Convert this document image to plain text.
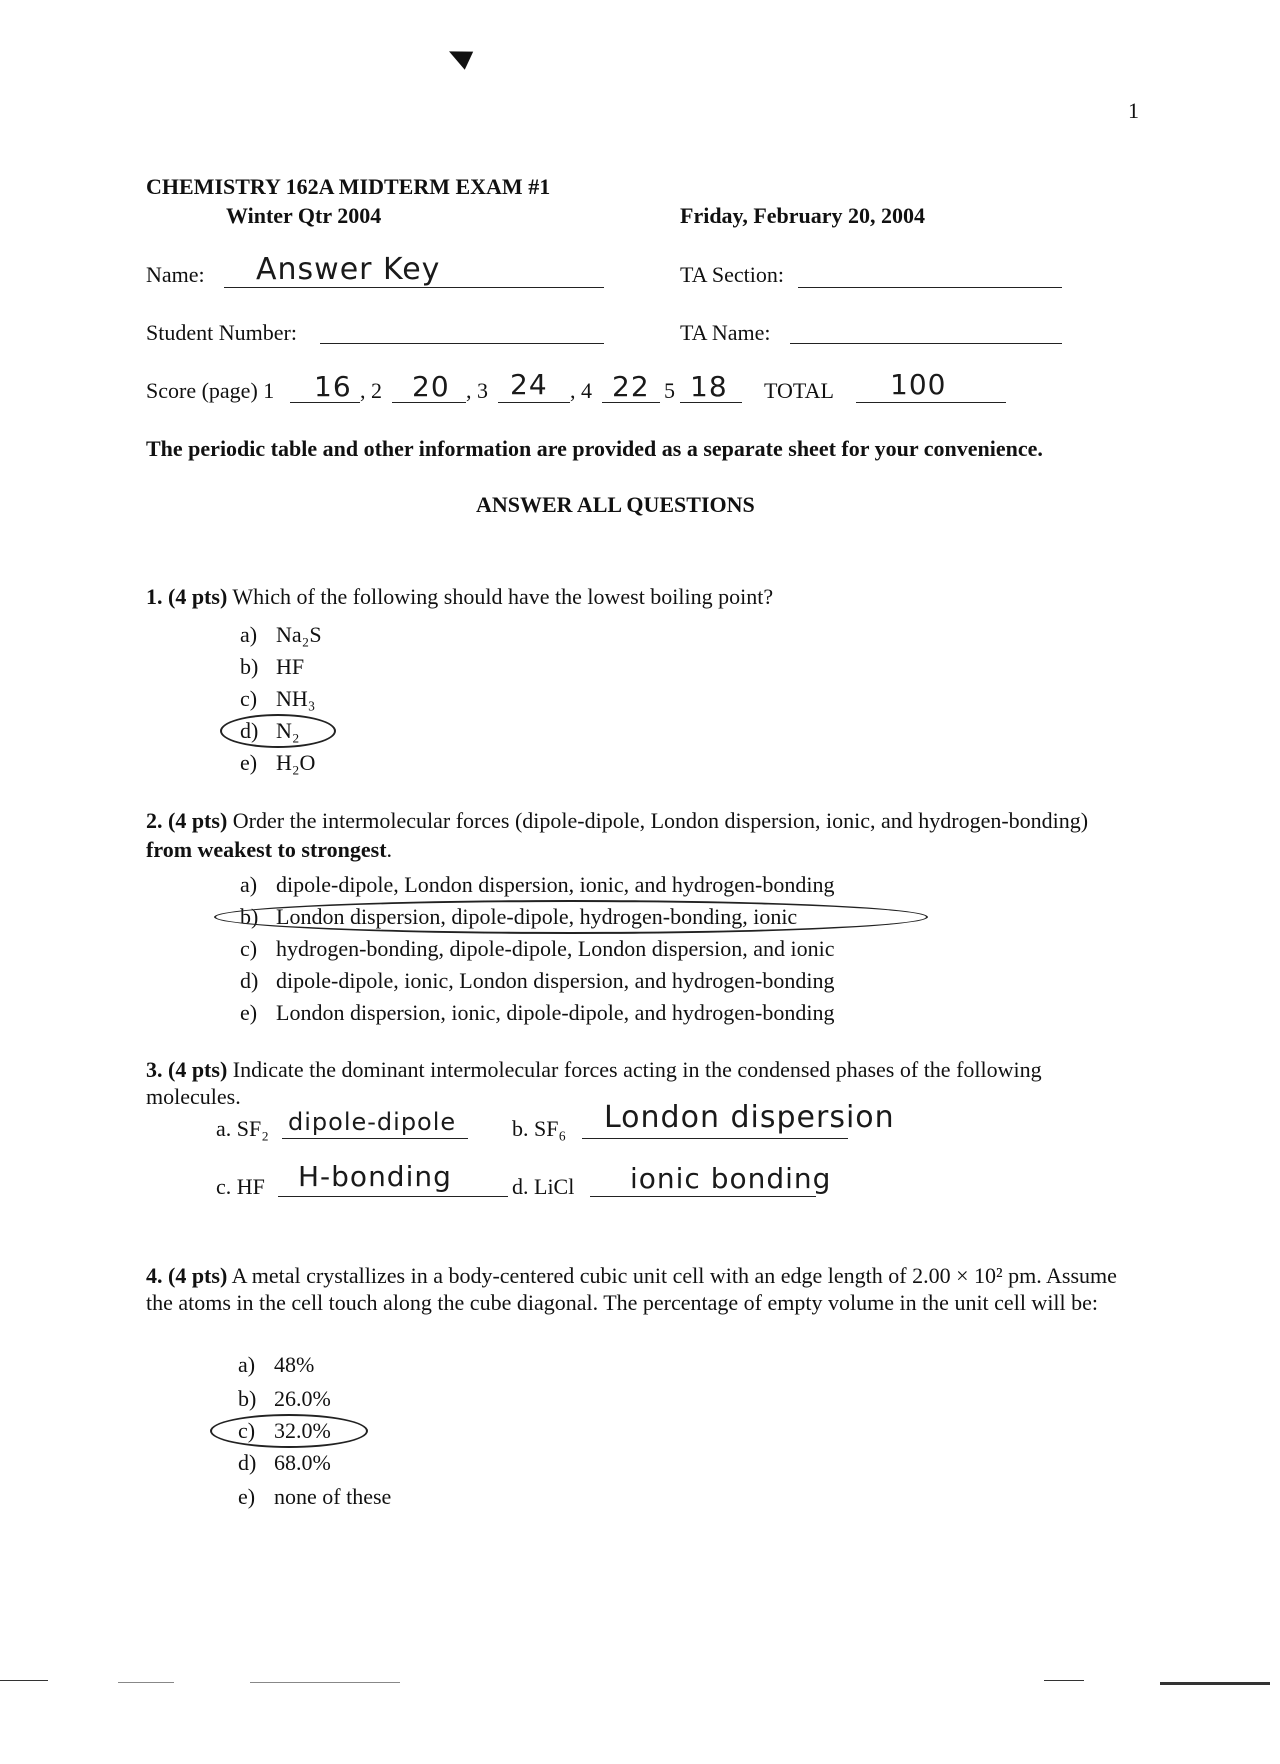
1
CHEMISTRY 162A MIDTERM EXAM #1
Winter Qtr 2004	Friday, February 20, 2004
Name: Answer Key	TA Section:
Student Number:	TA Name:
Score (page) 1 16 , 2 20 , 3 24 , 4 22 5 18 TOTAL 100
The periodic table and other information are provided as a separate sheet for your convenience.
ANSWER ALL QUESTIONS
1. (4 pts) Which of the following should have the lowest boiling point?
a) Na₂S
b) HF
c) NH₃
d) N₂
e) H₂O
2. (4 pts) Order the intermolecular forces (dipole-dipole, London dispersion, ionic, and hydrogen-bonding) from weakest to strongest.
a) dipole-dipole, London dispersion, ionic, and hydrogen-bonding
b) London dispersion, dipole-dipole, hydrogen-bonding, ionic
c) hydrogen-bonding, dipole-dipole, London dispersion, and ionic
d) dipole-dipole, ionic, London dispersion, and hydrogen-bonding
e) London dispersion, ionic, dipole-dipole, and hydrogen-bonding
3. (4 pts) Indicate the dominant intermolecular forces acting in the condensed phases of the following molecules.
a. SF₂ dipole-dipole	b. SF₆ London dispersion
c. HF H-bonding	d. LiCl ionic bonding
4. (4 pts) A metal crystallizes in a body-centered cubic unit cell with an edge length of 2.00 × 10² pm. Assume the atoms in the cell touch along the cube diagonal. The percentage of empty volume in the unit cell will be:
a) 48%
b) 26.0%
c) 32.0%
d) 68.0%
e) none of these
